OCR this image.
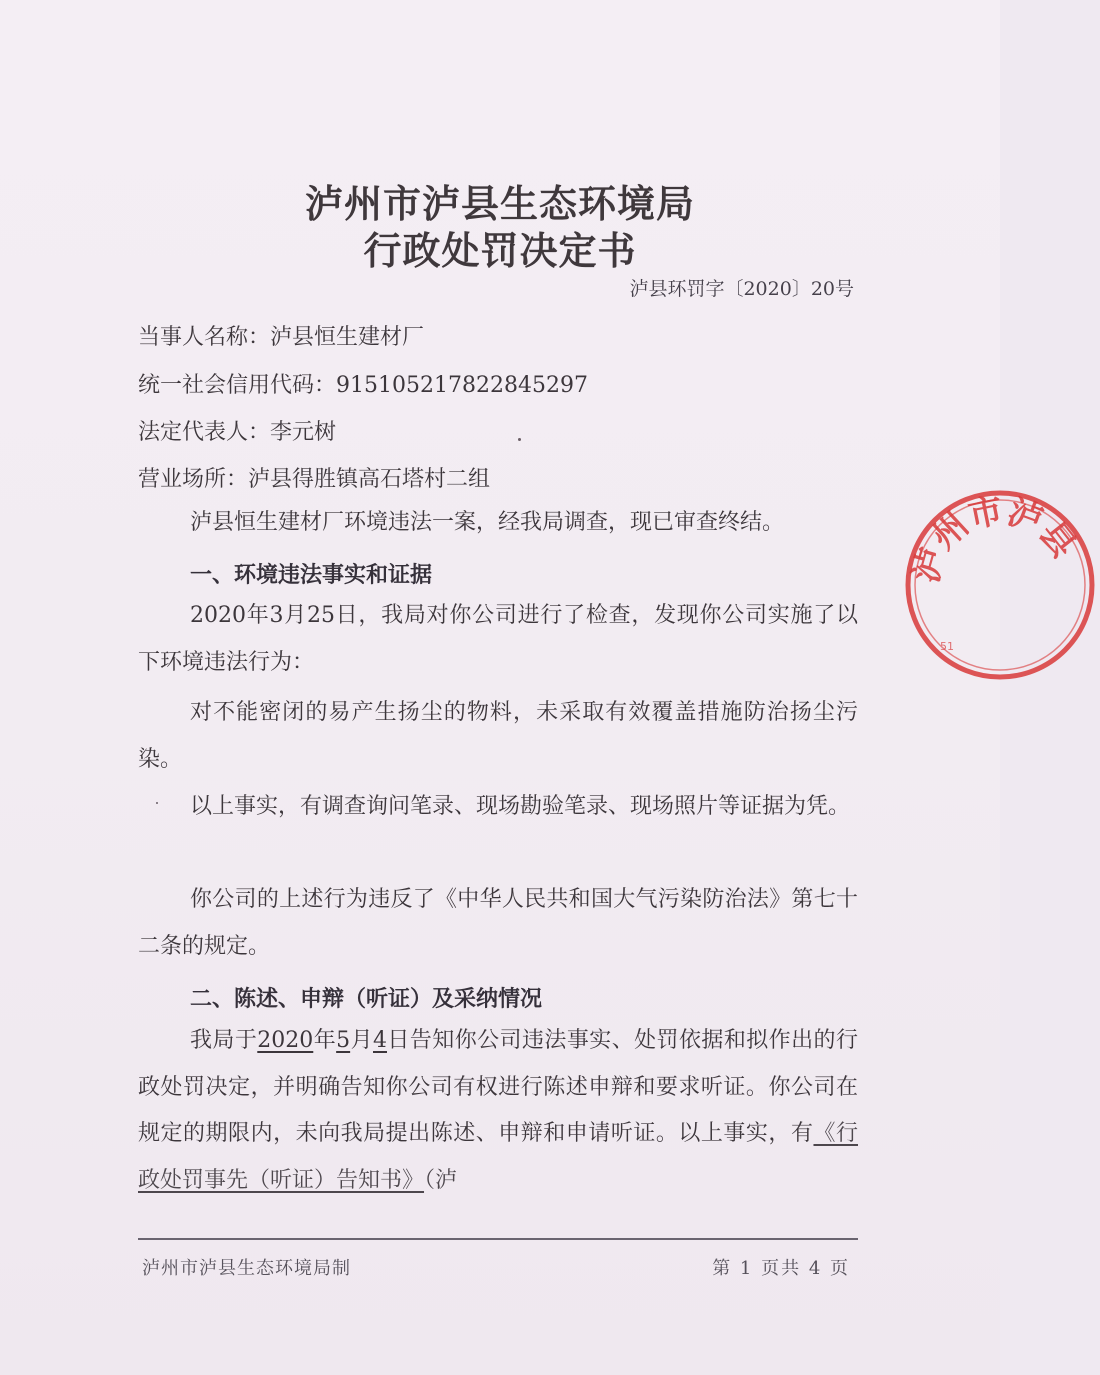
泸州市泸县生态环境局
行政处罚决定书
泸县环罚字〔2020〕20号
当事人名称：泸县恒生建材厂
统一社会信用代码：915105217822845297
法定代表人：李元树
营业场所：泸县得胜镇高石塔村二组
泸县恒生建材厂环境违法一案，经我局调查，现已审查终结。
一、环境违法事实和证据
2020年3月25日，我局对你公司进行了检查，发现你公司实施了以下环境违法行为：
对不能密闭的易产生扬尘的物料，未采取有效覆盖措施防治扬尘污染。
以上事实，有调查询问笔录、现场勘验笔录、现场照片等证据为凭。
你公司的上述行为违反了《中华人民共和国大气污染防治法》第七十二条的规定。
二、陈述、申辩（听证）及采纳情况
我局于2020年5月4日告知你公司违法事实、处罚依据和拟作出的行政处罚决定，并明确告知你公司有权进行陈述申辩和要求听证。你公司在规定的期限内，未向我局提出陈述、申辩和申请听证。以上事实，有《行政处罚事先（听证）告知书》（泸
泸州市泸县生态环境局制	第 1 页共 4 页
泸州市泸县
51
